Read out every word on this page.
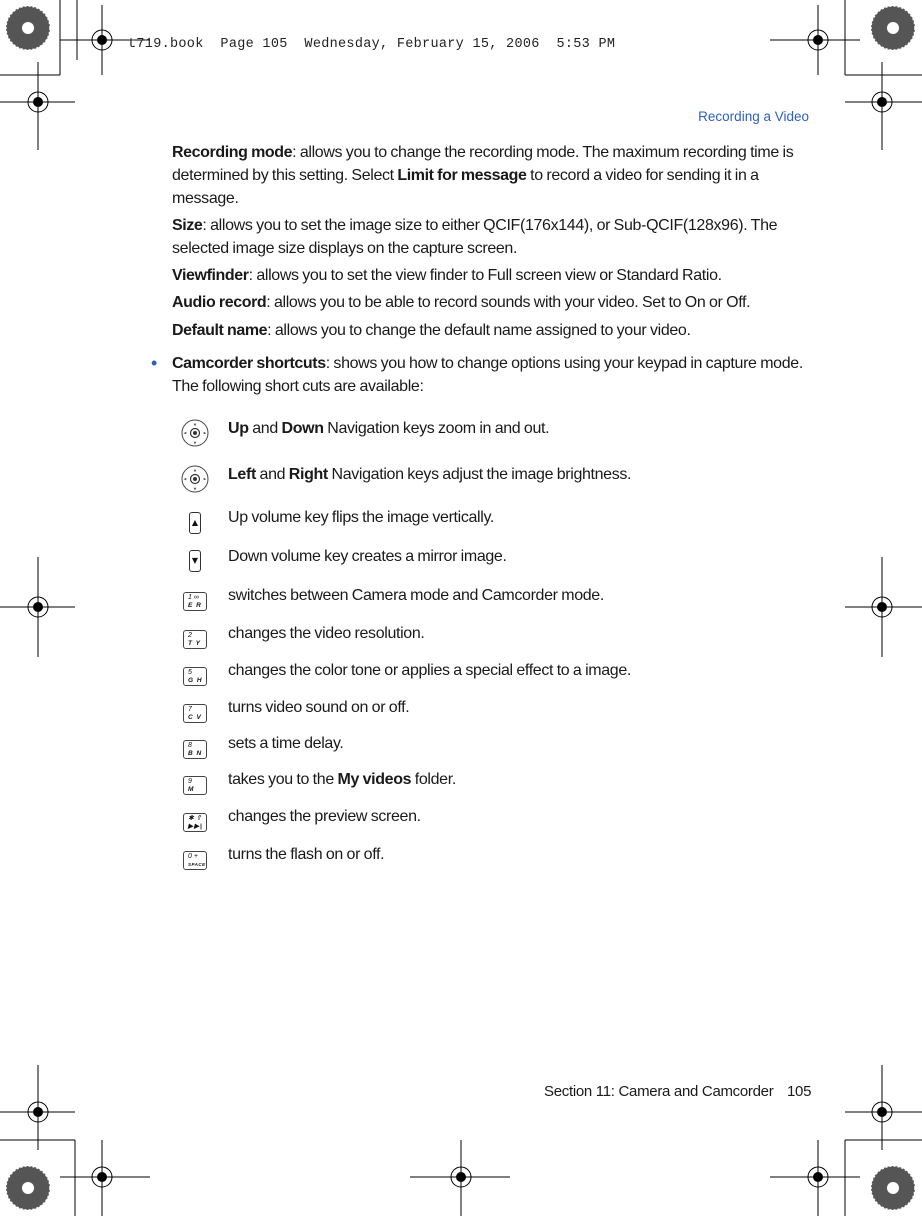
t719.book  Page 105  Wednesday, February 15, 2006  5:53 PM
Recording a Video
Recording mode: allows you to change the recording mode. The maximum recording time is determined by this setting. Select Limit for message to record a video for sending it in a message.
Size: allows you to set the image size to either QCIF(176x144), or Sub-QCIF(128x96). The selected image size displays on the capture screen.
Viewfinder: allows you to set the view finder to Full screen view or Standard Ratio.
Audio record: allows you to be able to record sounds with your video. Set to On or Off.
Default name: allows you to change the default name assigned to your video.
• Camcorder shortcuts: shows you how to change options using your keypad in capture mode. The following short cuts are available:
▲
▼
◀	▶ Up and Down Navigation keys zoom in and out.
▲
▼
◀	▶ Left and Right Navigation keys adjust the image brightness.
▲ Up volume key flips the image vertically.
▼ Down volume key creates a mirror image.
1 ∞
E R
switches between Camera mode and Camcorder mode.
2
T Y
changes the video resolution.
5
G H
changes the color tone or applies a special effect to a image.
7
C V
turns video sound on or off.
8
B N
sets a time delay.
9
M
takes you to the My videos folder.
✱ ⇑
▶▶|
changes the preview screen.
0 +
SPACE
turns the flash on or off.
Section 11: Camera and Camcorder 105
